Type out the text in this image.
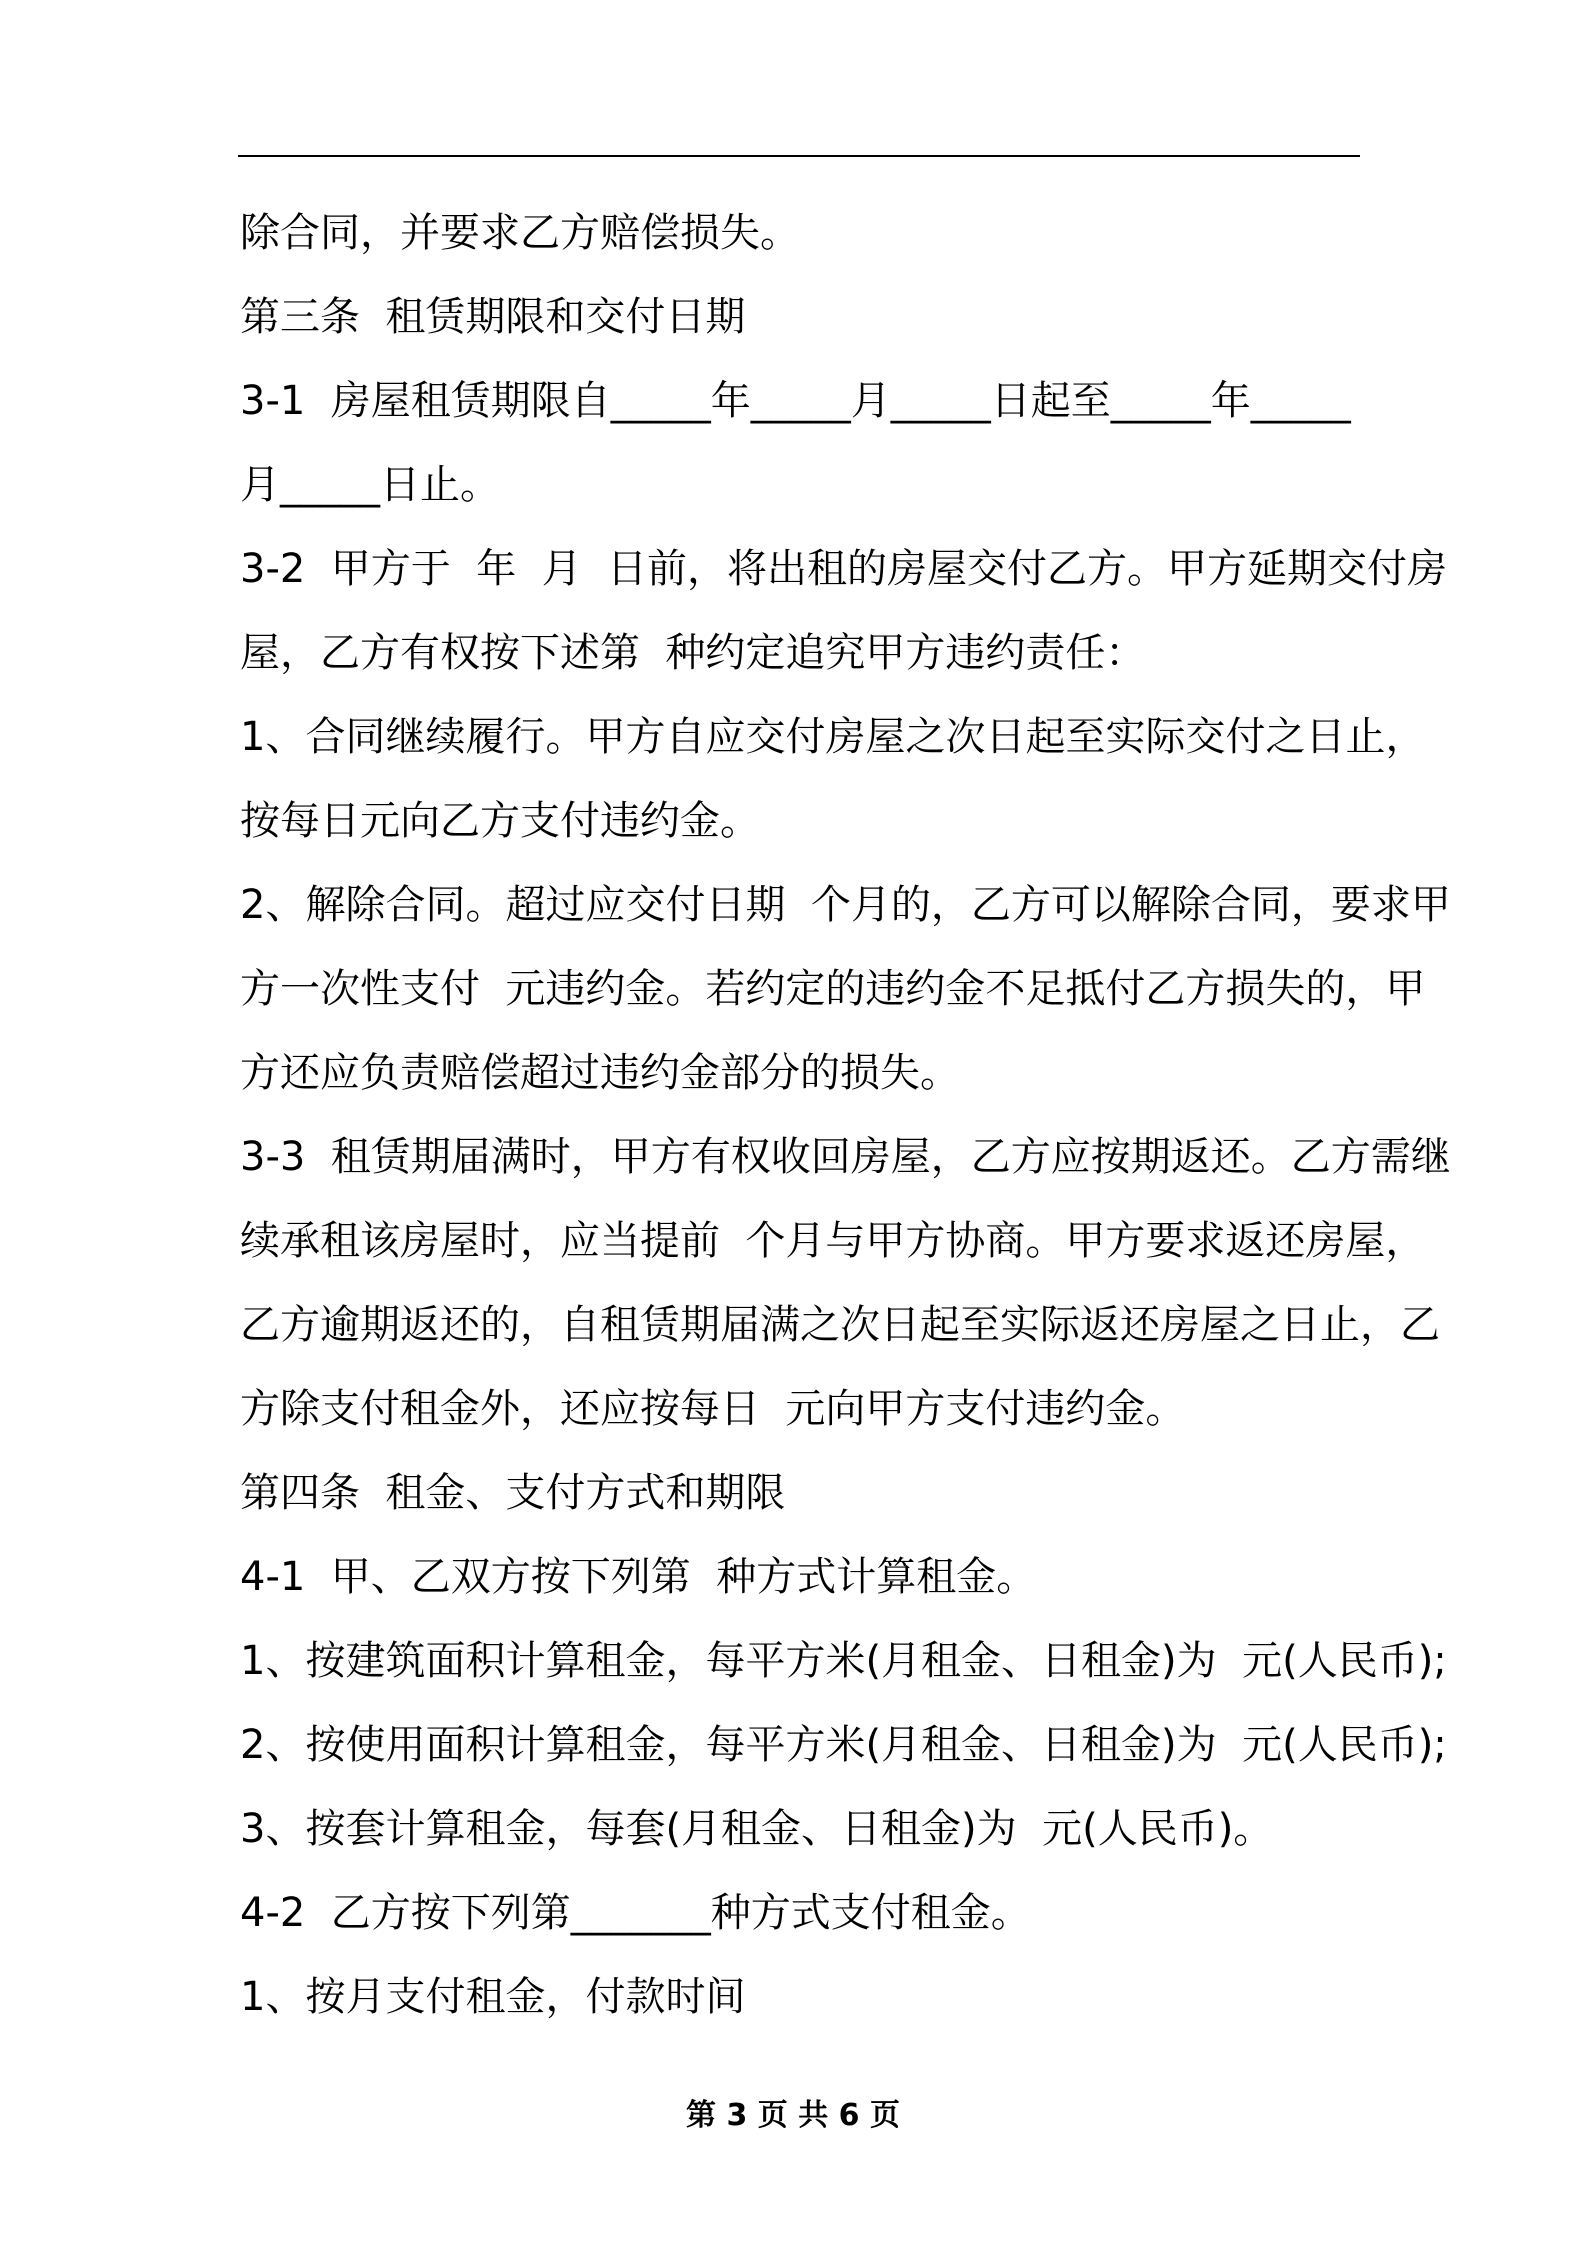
除合同，并要求乙方赔偿损失。
第三条  租赁期限和交付日期
3-1  房屋租赁期限自_____年_____月_____日起至_____年_____
月_____日止。
3-2  甲方于  年  月  日前，将出租的房屋交付乙方。甲方延期交付房
屋，乙方有权按下述第  种约定追究甲方违约责任：
1、合同继续履行。甲方自应交付房屋之次日起至实际交付之日止，
按每日元向乙方支付违约金。
2、解除合同。超过应交付日期  个月的，乙方可以解除合同，要求甲
方一次性支付  元违约金。若约定的违约金不足抵付乙方损失的，甲
方还应负责赔偿超过违约金部分的损失。
3-3  租赁期届满时，甲方有权收回房屋，乙方应按期返还。乙方需继
续承租该房屋时，应当提前  个月与甲方协商。甲方要求返还房屋，
乙方逾期返还的，自租赁期届满之次日起至实际返还房屋之日止，乙
方除支付租金外，还应按每日  元向甲方支付违约金。
第四条  租金、支付方式和期限
4-1  甲、乙双方按下列第  种方式计算租金。
1、按建筑面积计算租金，每平方米(月租金、日租金)为  元(人民币);
2、按使用面积计算租金，每平方米(月租金、日租金)为  元(人民币);
3、按套计算租金，每套(月租金、日租金)为  元(人民币)。
4-2  乙方按下列第_______种方式支付租金。
1、按月支付租金，付款时间
第 3 页 共 6 页
